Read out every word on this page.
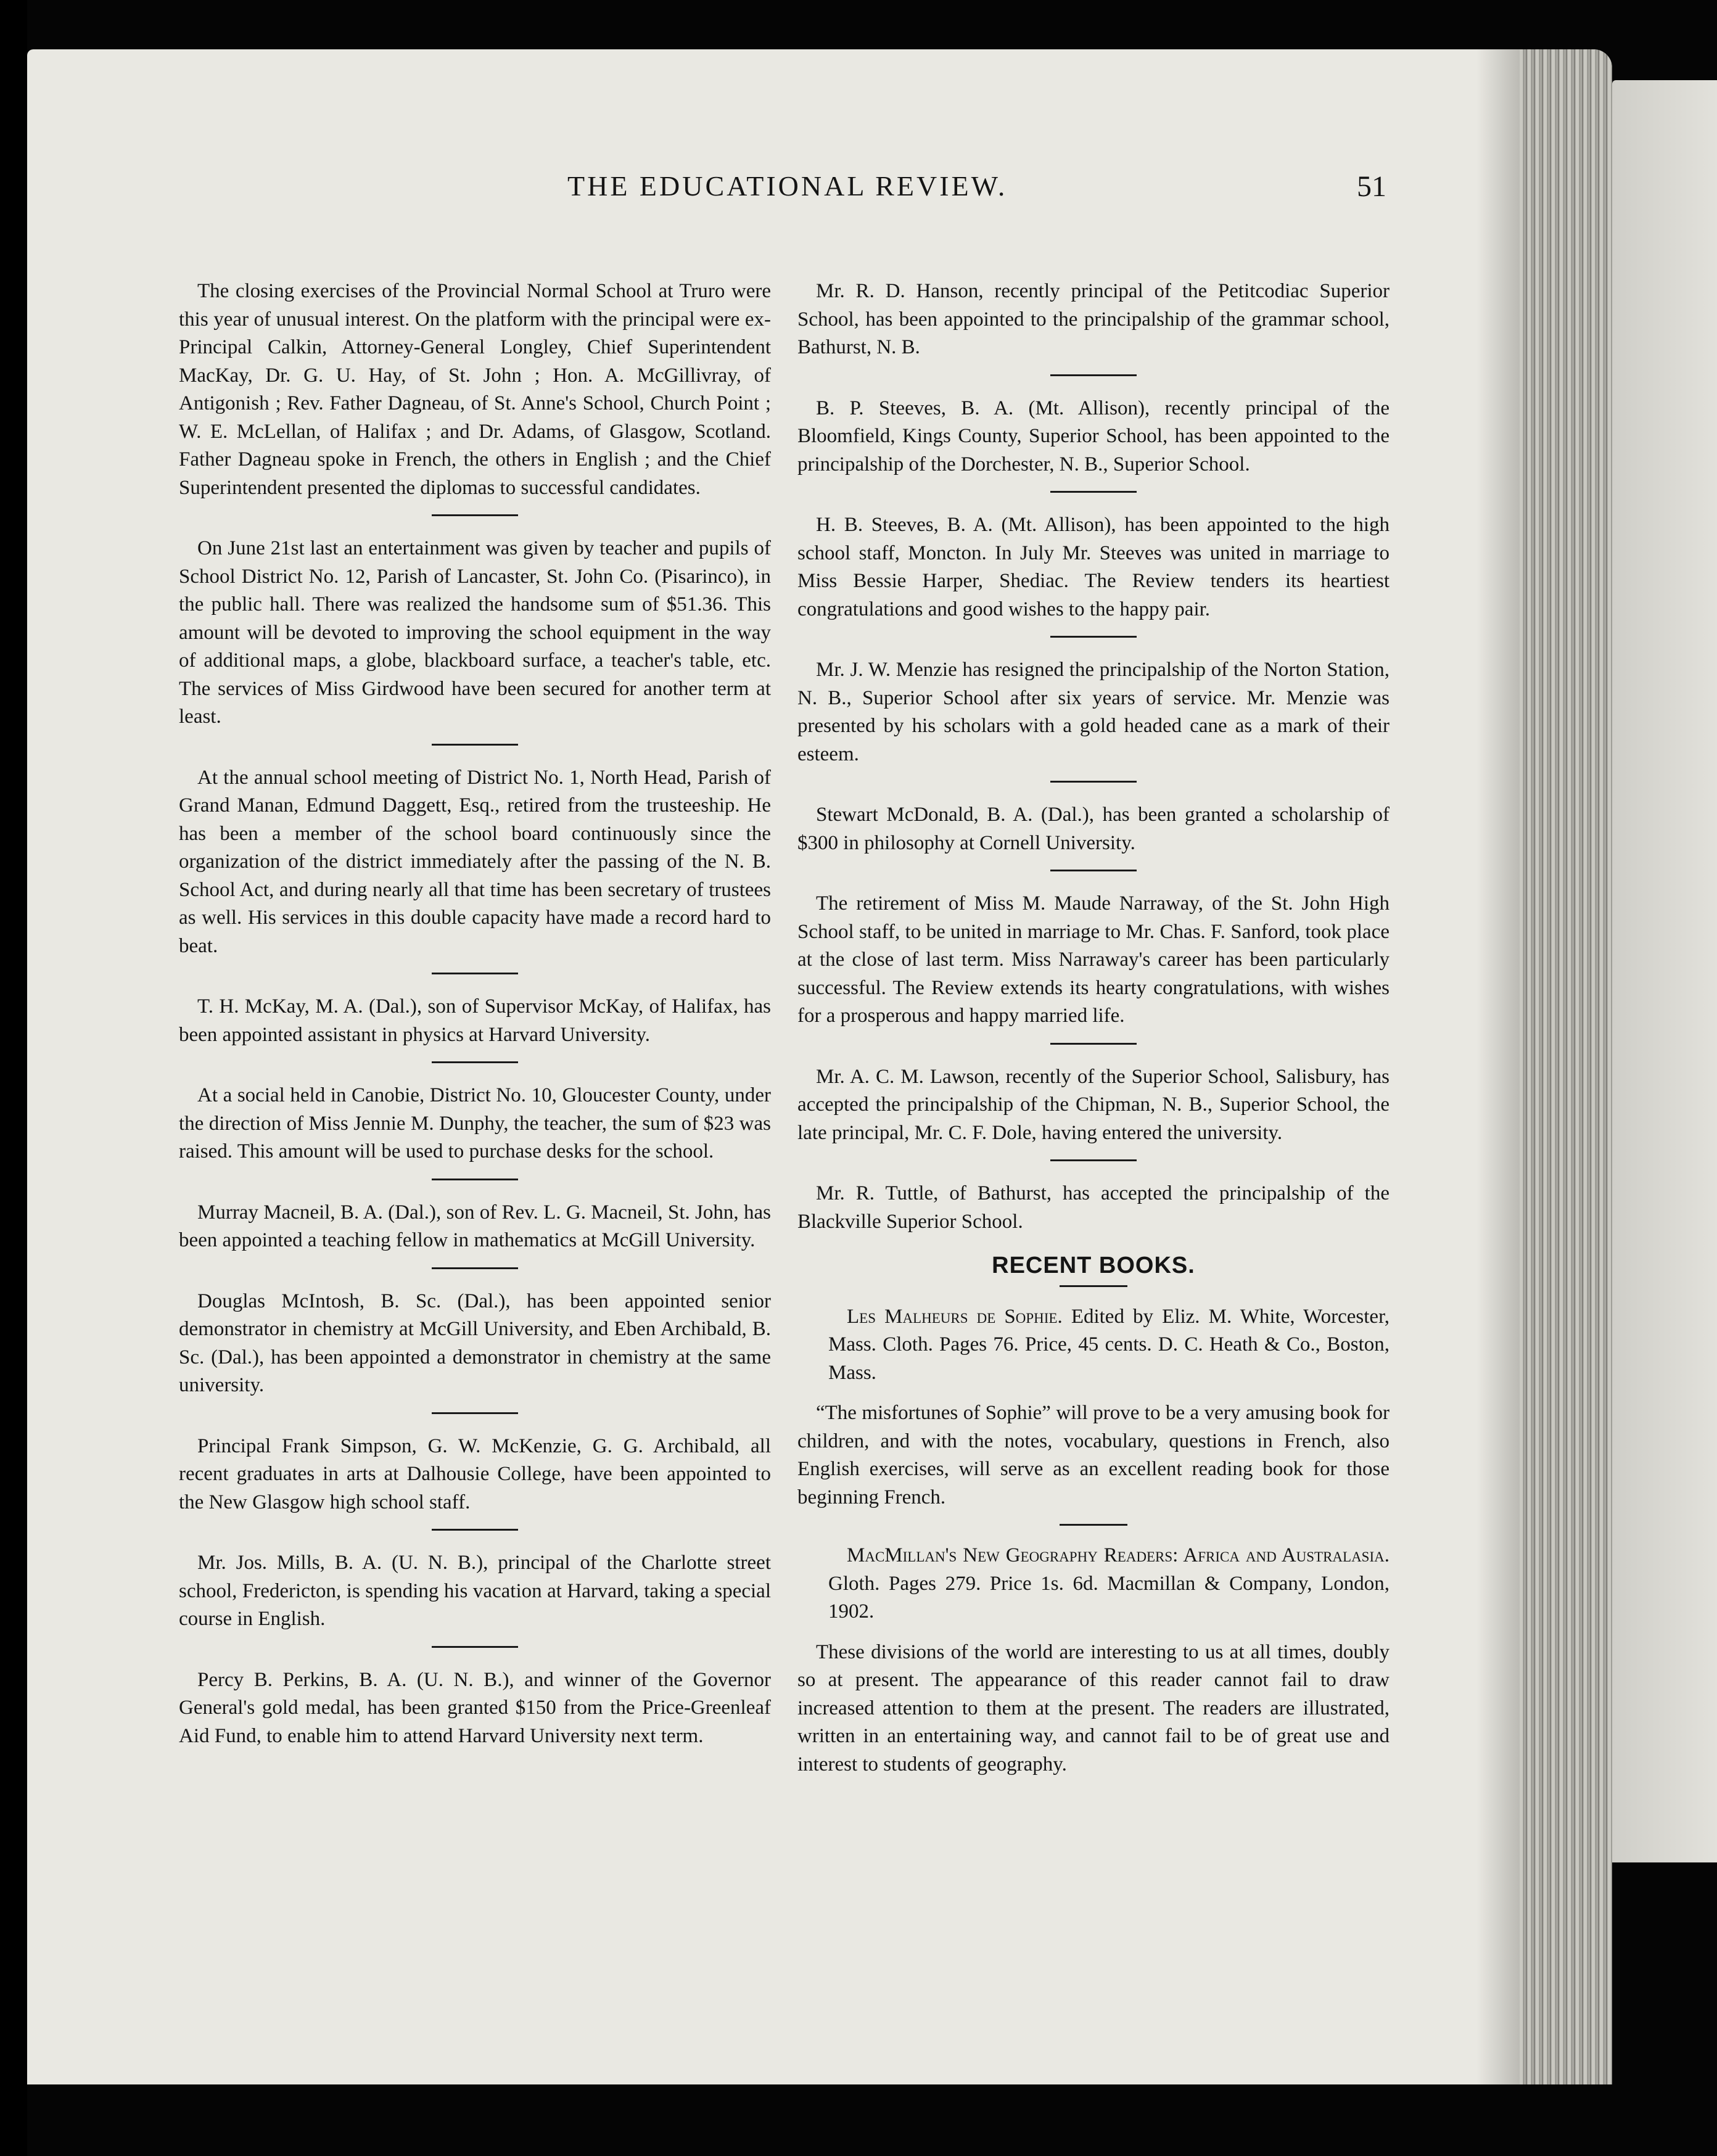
THE EDUCATIONAL REVIEW.	51

The closing exercises of the Provincial Normal School at Truro were this year of unusual interest. On the platform with the principal were ex-Principal Calkin, Attorney-General Longley, Chief Superintendent MacKay, Dr. G. U. Hay, of St. John ; Hon. A. McGillivray, of Antigonish ; Rev. Father Dagneau, of St. Anne's School, Church Point ; W. E. McLellan, of Halifax ; and Dr. Adams, of Glasgow, Scotland. Father Dagneau spoke in French, the others in English ; and the Chief Superintendent presented the diplomas to successful candidates.

On June 21st last an entertainment was given by teacher and pupils of School District No. 12, Parish of Lancaster, St. John Co. (Pisarinco), in the public hall. There was realized the handsome sum of $51.36. This amount will be devoted to improving the school equipment in the way of additional maps, a globe, blackboard surface, a teacher's table, etc. The services of Miss Girdwood have been secured for another term at least.

At the annual school meeting of District No. 1, North Head, Parish of Grand Manan, Edmund Daggett, Esq., retired from the trusteeship. He has been a member of the school board continuously since the organization of the district immediately after the passing of the N. B. School Act, and during nearly all that time has been secretary of trustees as well. His services in this double capacity have made a record hard to beat.

T. H. McKay, M. A. (Dal.), son of Supervisor McKay, of Halifax, has been appointed assistant in physics at Harvard University.

At a social held in Canobie, District No. 10, Gloucester County, under the direction of Miss Jennie M. Dunphy, the teacher, the sum of $23 was raised. This amount will be used to purchase desks for the school.

Murray Macneil, B. A. (Dal.), son of Rev. L. G. Macneil, St. John, has been appointed a teaching fellow in mathematics at McGill University.

Douglas McIntosh, B. Sc. (Dal.), has been appointed senior demonstrator in chemistry at McGill University, and Eben Archibald, B. Sc. (Dal.), has been appointed a demonstrator in chemistry at the same university.

Principal Frank Simpson, G. W. McKenzie, G. G. Archibald, all recent graduates in arts at Dalhousie College, have been appointed to the New Glasgow high school staff.

Mr. Jos. Mills, B. A. (U. N. B.), principal of the Charlotte street school, Fredericton, is spending his vacation at Harvard, taking a special course in English.

Percy B. Perkins, B. A. (U. N. B.), and winner of the Governor General's gold medal, has been granted $150 from the Price-Greenleaf Aid Fund, to enable him to attend Harvard University next term.

Mr. R. D. Hanson, recently principal of the Petitcodiac Superior School, has been appointed to the principalship of the grammar school, Bathurst, N. B.

B. P. Steeves, B. A. (Mt. Allison), recently principal of the Bloomfield, Kings County, Superior School, has been appointed to the principalship of the Dorchester, N. B., Superior School.

H. B. Steeves, B. A. (Mt. Allison), has been appointed to the high school staff, Moncton. In July Mr. Steeves was united in marriage to Miss Bessie Harper, Shediac. The Review tenders its heartiest congratulations and good wishes to the happy pair.

Mr. J. W. Menzie has resigned the principalship of the Norton Station, N. B., Superior School after six years of service. Mr. Menzie was presented by his scholars with a gold headed cane as a mark of their esteem.

Stewart McDonald, B. A. (Dal.), has been granted a scholarship of $300 in philosophy at Cornell University.

The retirement of Miss M. Maude Narraway, of the St. John High School staff, to be united in marriage to Mr. Chas. F. Sanford, took place at the close of last term. Miss Narraway's career has been particularly successful. The Review extends its hearty congratulations, with wishes for a prosperous and happy married life.

Mr. A. C. M. Lawson, recently of the Superior School, Salisbury, has accepted the principalship of the Chipman, N. B., Superior School, the late principal, Mr. C. F. Dole, having entered the university.

Mr. R. Tuttle, of Bathurst, has accepted the principalship of the Blackville Superior School.

RECENT BOOKS.

Les Malheurs de Sophie. Edited by Eliz. M. White, Worcester, Mass. Cloth. Pages 76. Price, 45 cents. D. C. Heath & Co., Boston, Mass.

“The misfortunes of Sophie” will prove to be a very amusing book for children, and with the notes, vocabulary, questions in French, also English exercises, will serve as an excellent reading book for those beginning French.

MacMillan's New Geography Readers: Africa and Australasia. Gloth. Pages 279. Price 1s. 6d. Macmillan & Company, London, 1902.

These divisions of the world are interesting to us at all times, doubly so at present. The appearance of this reader cannot fail to draw increased attention to them at the present. The readers are illustrated, written in an entertaining way, and cannot fail to be of great use and interest to students of geography.
